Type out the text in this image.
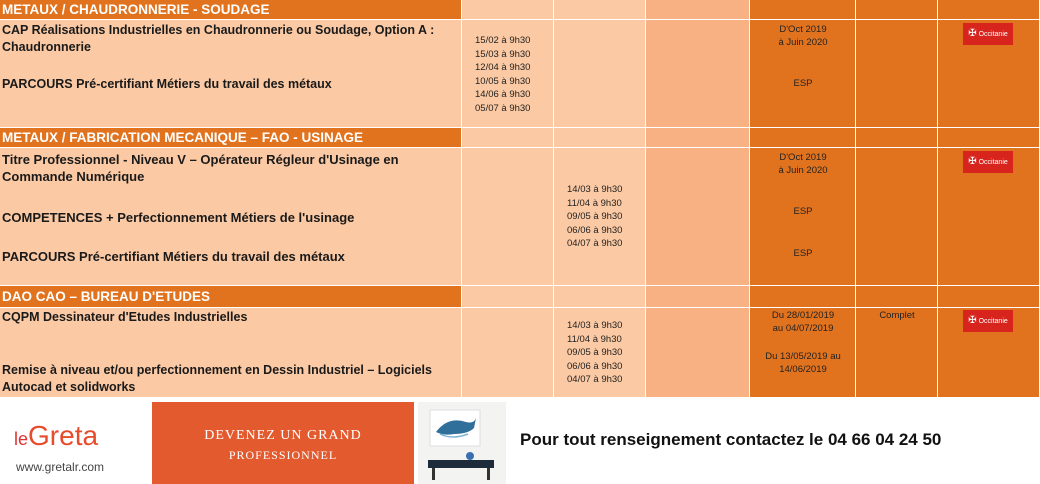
METAUX / CHAUDRONNERIE - SOUDAGE
CAP Réalisations Industrielles en Chaudronnerie ou Soudage, Option A : Chaudronnerie
PARCOURS Pré-certifiant Métiers du travail des métaux
15/02 à 9h30
15/03 à 9h30
12/04 à 9h30
10/05 à 9h30
14/06 à 9h30
05/07 à 9h30
D'Oct 2019
à Juin 2020
ESP
✠ Occitanie
METAUX / FABRICATION MECANIQUE – FAO - USINAGE
Titre Professionnel - Niveau V – Opérateur Régleur d'Usinage en Commande Numérique
COMPETENCES + Perfectionnement Métiers de l'usinage
PARCOURS Pré-certifiant Métiers du travail des métaux
14/03 à 9h30
11/04 à 9h30
09/05 à 9h30
06/06 à 9h30
04/07 à 9h30
D'Oct 2019
à Juin 2020
ESP
ESP
✠ Occitanie
DAO CAO – BUREAU D'ETUDES
CQPM Dessinateur d'Etudes Industrielles
Remise à niveau et/ou perfectionnement en Dessin Industriel – Logiciels Autocad et solidworks
14/03 à 9h30
11/04 à 9h30
09/05 à 9h30
06/06 à 9h30
04/07 à 9h30
Du 28/01/2019
au 04/07/2019
Du 13/05/2019 au
14/06/2019
Complet	✠ Occitanie
leGreta
www.gretalr.com
DEVENEZ UN GRAND
PROFESSIONNEL
Pour tout renseignement contactez le 04 66 04 24 50
